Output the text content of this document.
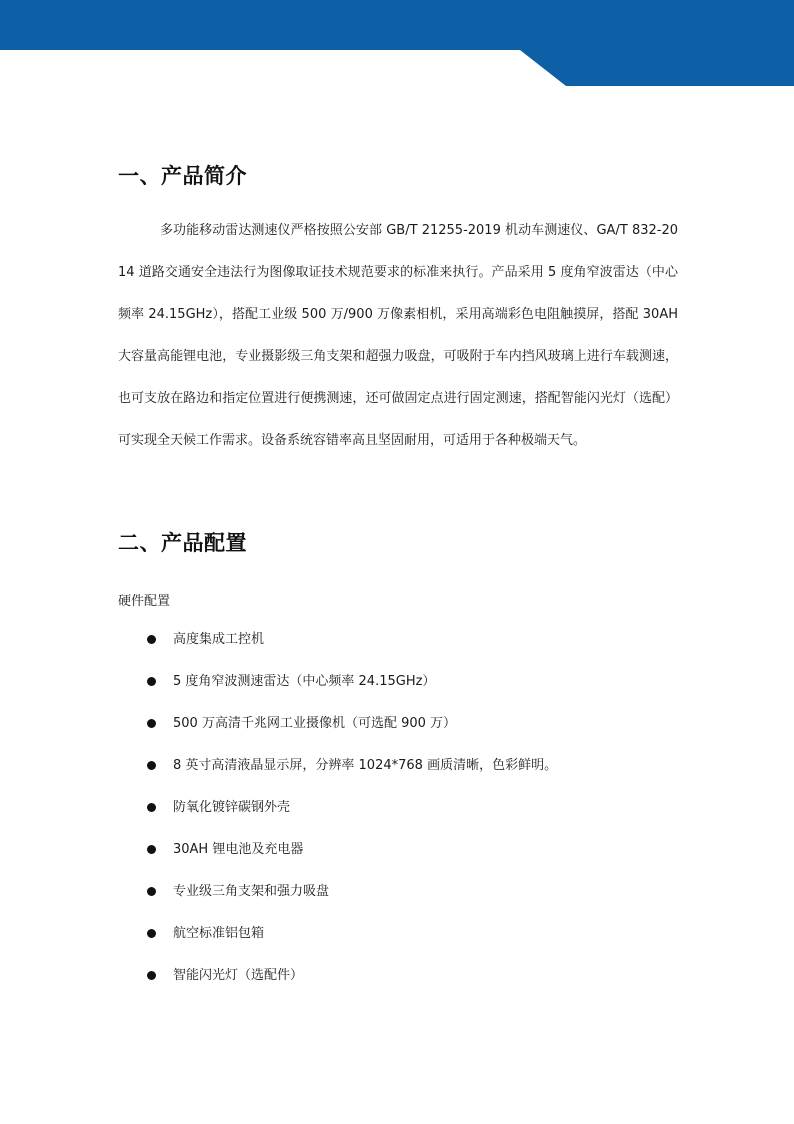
一、产品简介
多功能移动雷达测速仪严格按照公安部 GB/T 21255-2019 机动车测速仪、GA/T 832-2014 道路交通安全违法行为图像取证技术规范要求的标准来执行。产品采用 5 度角窄波雷达（中心频率 24.15GHz），搭配工业级 500 万/900 万像素相机，采用高端彩色电阻触摸屏，搭配 30AH 大容量高能锂电池，专业摄影级三角支架和超强力吸盘，可吸附于车内挡风玻璃上进行车载测速，也可支放在路边和指定位置进行便携测速，还可做固定点进行固定测速，搭配智能闪光灯（选配）可实现全天候工作需求。设备系统容错率高且坚固耐用，可适用于各种极端天气。
二、产品配置
硬件配置
高度集成工控机
5 度角窄波测速雷达（中心频率 24.15GHz）
500 万高清千兆网工业摄像机（可选配 900 万）
8 英寸高清液晶显示屏，分辨率 1024*768 画质清晰，色彩鲜明。
防氧化镀锌碳钢外壳
30AH 锂电池及充电器
专业级三角支架和强力吸盘
航空标准铝包箱
智能闪光灯（选配件）
